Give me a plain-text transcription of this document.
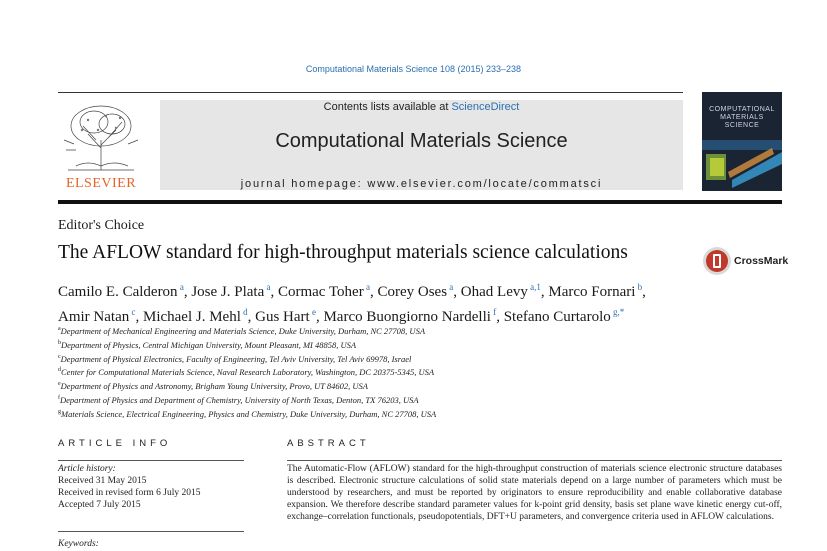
Computational Materials Science 108 (2015) 233–238
ELSEVIER
Contents lists available at ScienceDirect
Computational Materials Science
journal homepage: www.elsevier.com/locate/commatsci
COMPUTATIONAL MATERIALS SCIENCE
Editor's Choice
The AFLOW standard for high-throughput materials science calculations	CrossMark
Camilo E. Calderon $^a$, Jose J. Plata $^a$, Cormac Toher $^a$, Corey Oses $^a$, Ohad Levy $^{a,1}$, Marco Fornari $^b$,
Amir Natan $^c$, Michael J. Mehl $^d$, Gus Hart $^e$, Marco Buongiorno Nardelli $^f$, Stefano Curtarolo $^{g,*}$
$^a$Department of Mechanical Engineering and Materials Science, Duke University, Durham, NC 27708, USA
$^b$Department of Physics, Central Michigan University, Mount Pleasant, MI 48858, USA
$^c$Department of Physical Electronics, Faculty of Engineering, Tel Aviv University, Tel Aviv 69978, Israel
$^d$Center for Computational Materials Science, Naval Research Laboratory, Washington, DC 20375-5345, USA
$^e$Department of Physics and Astronomy, Brigham Young University, Provo, UT 84602, USA
$^f$Department of Physics and Department of Chemistry, University of North Texas, Denton, TX 76203, USA
$^g$Materials Science, Electrical Engineering, Physics and Chemistry, Duke University, Durham, NC 27708, USA
ARTICLE INFO
Article history:
Received 31 May 2015
Received in revised form 6 July 2015
Accepted 7 July 2015
Keywords:
ABSTRACT
The Automatic-Flow (AFLOW) standard for the high-throughput construction of materials science electronic structure databases is described. Electronic structure calculations of solid state materials depend on a large number of parameters which must be understood by researchers, and must be reported by originators to ensure reproducibility and enable collaborative database expansion. We therefore describe standard parameter values for k-point grid density, basis set plane wave kinetic energy cut-off, exchange–correlation functionals, pseudopotentials, DFT+U parameters, and convergence criteria used in AFLOW calculations.
